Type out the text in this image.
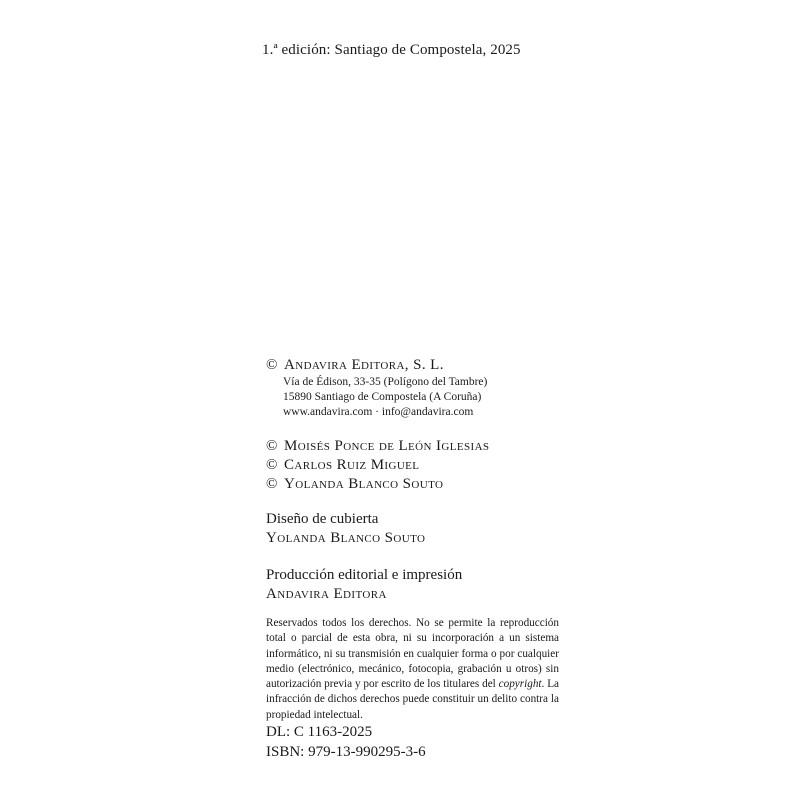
1.ª edición: Santiago de Compostela, 2025
© Andavira Editora, S. L.
Vía de Édison, 33-35 (Polígono del Tambre)
15890 Santiago de Compostela (A Coruña)
www.andavira.com · info@andavira.com
© Moisés Ponce de León Iglesias
© Carlos Ruiz Miguel
© Yolanda Blanco Souto
Diseño de cubierta
Yolanda Blanco Souto
Producción editorial e impresión
Andavira Editora
Reservados todos los derechos. No se permite la reproducción total o parcial de esta obra, ni su incorporación a un sistema informático, ni su transmisión en cualquier forma o por cualquier medio (electrónico, mecánico, fotocopia, grabación u otros) sin autorización previa y por escrito de los titulares del copyright. La infracción de dichos derechos puede constituir un delito contra la propiedad intelectual.
DL: C 1163-2025
ISBN: 979-13-990295-3-6
